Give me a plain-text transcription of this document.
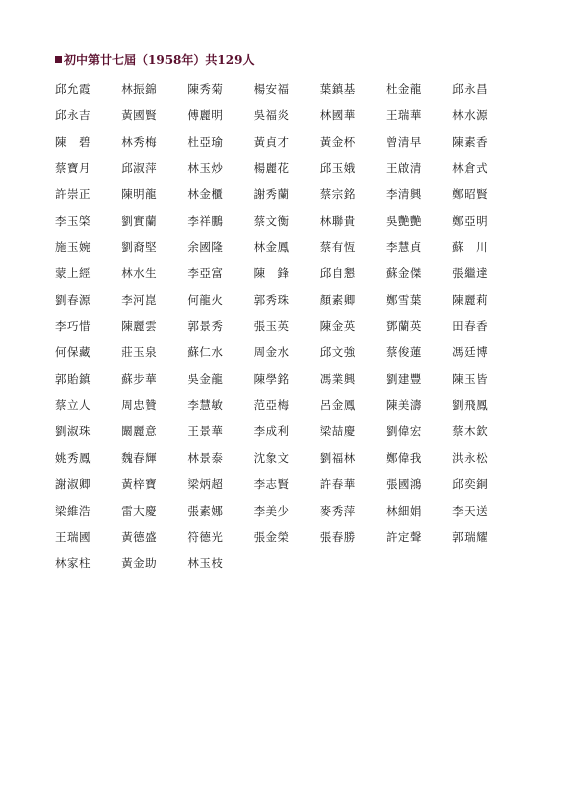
初中第廿七屆（1958年）共129人
邱允霞	林振錦	陳秀菊	楊安福	葉鎮基	杜金龍	邱永昌
邱永吉	黃國賢	傅麗明	吳福炎	林國華	王瑞華	林水源
陳　碧	林秀梅	杜亞瑜	黃貞才	黃金杯	曾清早	陳素香
蔡寶月	邱淑萍	林玉炒	楊麗花	邱玉娥	王啟清	林倉式
許崇正	陳明龍	林金櫃	謝秀蘭	蔡宗銘	李清興	鄭昭賢
李玉棨	劉實蘭	李祥鵬	蔡文衡	林聯貴	吳艷艷	鄭亞明
施玉婉	劉裔堅	余國隆	林金鳳	蔡有恆	李慧貞	蘇　川
蒙上經	林水生	李亞富	陳　鋒	邱自懇	蘇金傑	張繼達
劉春源	李河崑	何龍火	郭秀珠	顏素卿	鄭雪葉	陳麗莉
李巧惜	陳麗雲	郭景秀	張玉英	陳金英	鄧蘭英	田春香
何保藏	莊玉泉	蘇仁水	周金水	邱文強	蔡俊蓮	馮廷博
郭貽鎮	蘇步華	吳金龍	陳學銘	馮業興	劉建豐	陳玉皆
蔡立人	周忠贊	李慧敏	范亞梅	呂金鳳	陳美濤	劉飛鳳
劉淑珠	闞麗意	王景華	李成利	梁喆慶	劉偉宏	蔡木欽
姚秀鳳	魏春輝	林景泰	沈象文	劉福林	鄭偉我	洪永松
謝淑卿	黃梓寶	梁炳超	李志賢	許春華	張國鴻	邱奕銅
梁維浩	雷大慶	張素娜	李美少	麥秀萍	林細娟	李天送
王瑞國	黃德盛	符德光	張金榮	張春勝	許定聲	郭瑞耀
林家柱	黃金助	林玉枝
